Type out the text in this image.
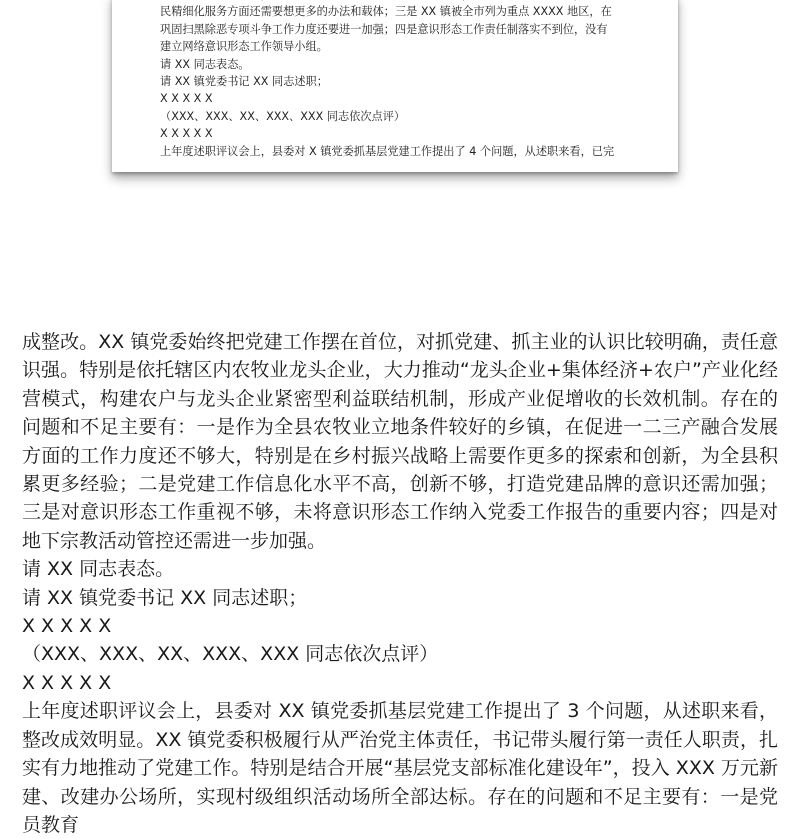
民精细化服务方面还需要想更多的办法和载体；三是 XX 镇被全市列为重点 XXXX 地区，在

巩固扫黑除恶专项斗争工作力度还要进一加强；四是意识形态工作责任制落实不到位，没有

建立网络意识形态工作领导小组。

请 XX 同志表态。

请 XX 镇党委书记 XX 同志述职；

X X X X X

（XXX、XXX、XX、XXX、XXX 同志依次点评）

X X X X X

上年度述职评议会上，县委对 X 镇党委抓基层党建工作提出了 4 个问题，从述职来看，已完

成整改。XX 镇党委始终把党建工作摆在首位，对抓党建、抓主业的认识比较明确，责任意识强。特别是依托辖区内农牧业龙头企业，大力推动“龙头企业+集体经济+农户”产业化经营模式，构建农户与龙头企业紧密型利益联结机制，形成产业促增收的长效机制。存在的问题和不足主要有：一是作为全县农牧业立地条件较好的乡镇，在促进一二三产融合发展方面的工作力度还不够大，特别是在乡村振兴战略上需要作更多的探索和创新，为全县积累更多经验；二是党建工作信息化水平不高，创新不够，打造党建品牌的意识还需加强；三是对意识形态工作重视不够，未将意识形态工作纳入党委工作报告的重要内容；四是对地下宗教活动管控还需进一步加强。

请 XX 同志表态。

请 XX 镇党委书记 XX 同志述职；

X X X X X

（XXX、XXX、XX、XXX、XXX 同志依次点评）

X X X X X

上年度述职评议会上，县委对 XX 镇党委抓基层党建工作提出了 3 个问题，从述职来看，整改成效明显。XX 镇党委积极履行从严治党主体责任，书记带头履行第一责任人职责，扎实有力地推动了党建工作。特别是结合开展“基层党支部标准化建设年”，投入 XXX 万元新建、改建办公场所，实现村级组织活动场所全部达标。存在的问题和不足主要有：一是党员教育
